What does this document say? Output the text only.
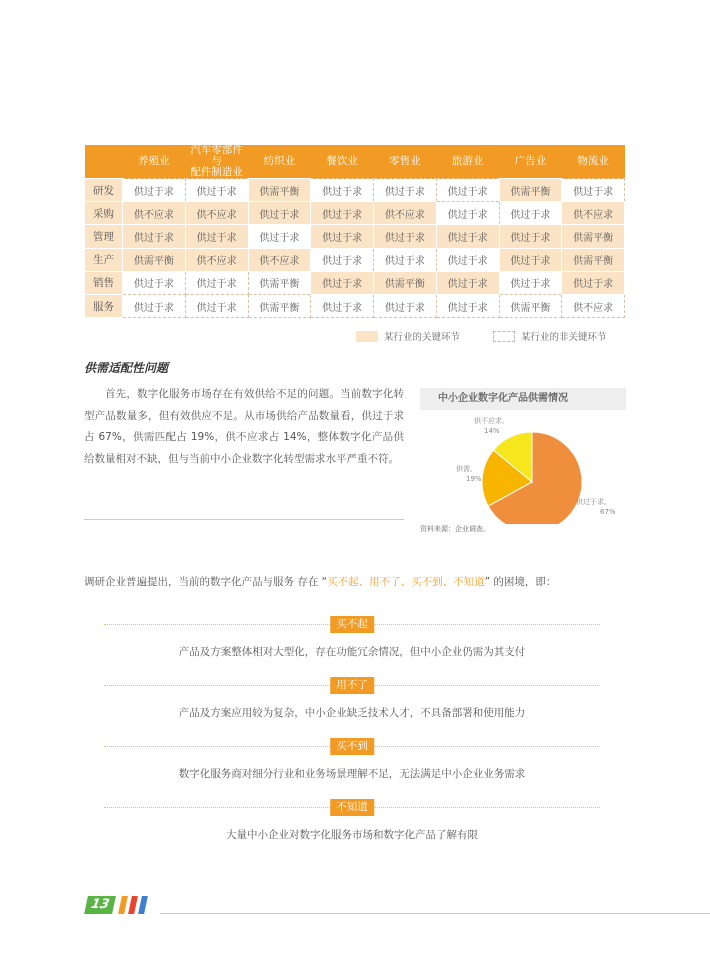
	养殖业	汽车零部件与
配件制造业	纺织业	餐饮业	零售业	旅游业	广告业	物流业
研发	供过于求	供过于求	供需平衡	供过于求	供过于求	供过于求	供需平衡	供过于求
采购	供不应求	供不应求	供过于求	供过于求	供不应求	供过于求	供过于求	供不应求
管理	供过于求	供过于求	供过于求	供过于求	供过于求	供过于求	供过于求	供需平衡
生产	供需平衡	供不应求	供不应求	供过于求	供过于求	供过于求	供过于求	供需平衡
销售	供过于求	供过于求	供需平衡	供过于求	供需平衡	供过于求	供过于求	供过于求
服务	供过于求	供过于求	供需平衡	供过于求	供过于求	供过于求	供需平衡	供不应求
某行业的关键环节	某行业的非关键环节
供需适配性问题
首先，数字化服务市场存在有效供给不足的问题。当前数字化转型产品数量多，但有效供应不足。从市场供给产品数量看，供过于求占 67%，供需匹配占 19%，供不应求占 14%，整体数字化产品供给数量相对不缺，但与当前中小企业数字化转型需求水平严重不符。
中小企业数字化产品供需情况
供过于求,
67%
供需,
19%
供不应求,
14%
资料来源：企业调查。
调研企业普遍提出，当前的数字化产品与服务 存在 “买不起、用不了、买不到、不知道” 的困境，即：
买不起
产品及方案整体相对大型化，存在功能冗余情况，但中小企业仍需为其支付
用不了
产品及方案应用较为复杂，中小企业缺乏技术人才，不具备部署和使用能力
买不到
数字化服务商对细分行业和业务场景理解不足，无法满足中小企业业务需求
不知道
大量中小企业对数字化服务市场和数字化产品了解有限
13
